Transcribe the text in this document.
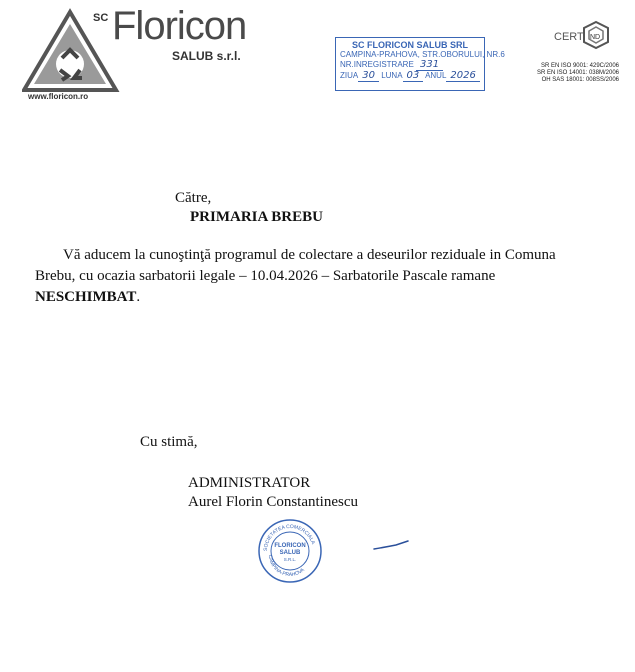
SC Floricon
SALUB s.r.l.
www.floricon.ro
SC FLORICON SALUB SRL
CAMPINA-PRAHOVA, STR.OBORULUI, NR.6
NR.INREGISTRARE 331
ZIUA 30 LUNA 03 ANUL 2026
CERT ND
SR EN ISO 9001: 429C/2006
SR EN ISO 14001: 038M/2006
OH SAS 18001: 008SS/2006
Către,
PRIMARIA BREBU
Vă aducem la cunoştinţă programul de colectare a deseurilor reziduale in Comuna Brebu, cu ocazia sarbatorii legale – 10.04.2026 – Sarbatorile Pascale ramane NESCHIMBAT.
Cu stimă,
ADMINISTRATOR
Aurel Florin Constantinescu
SOCIETATEA COMERCIALA
CAMPINA-PRAHOVA
FLORICON
SALUB
S.R.L.
